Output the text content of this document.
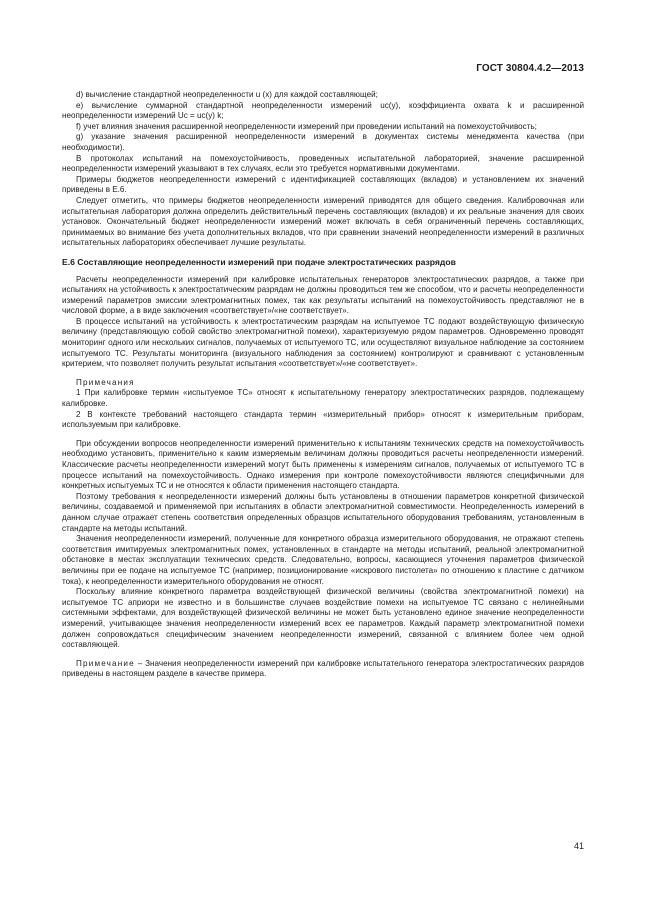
ГОСТ 30804.4.2—2013

d) вычисление стандартной неопределенности u (x) для каждой составляющей;

e) вычисление суммарной стандартной неопределенности измерений uc(y), коэффициента охвата k и расширенной неопределенности измерений Uc = uc(y) k;

f) учет влияния значения расширенной неопределенности измерений при проведении испытаний на помехоустойчивость;

g) указание значения расширенной неопределенности измерений в документах системы менеджмента качества (при необходимости).

В протоколах испытаний на помехоустойчивость, проведенных испытательной лабораторией, значение расширенной неопределенности измерений указывают в тех случаях, если это требуется нормативными документами.

Примеры бюджетов неопределенности измерений с идентификацией составляющих (вкладов) и установлением их значений приведены в Е.6.

Следует отметить, что примеры бюджетов неопределенности измерений приводятся для общего сведения. Калибровочная или испытательная лаборатория должна определить действительный перечень составляющих (вкладов) и их реальные значения для своих установок. Окончательный бюджет неопределенности измерений может включать в себя ограниченный перечень составляющих, принимаемых во внимание без учета дополнительных вкладов, что при сравнении значений неопределенности измерений в различных испытательных лабораториях обеспечивает лучшие результаты.

Е.6 Составляющие неопределенности измерений при подаче электростатических разрядов

Расчеты неопределенности измерений при калибровке испытательных генераторов электростатических разрядов, а также при испытаниях на устойчивость к электростатическим разрядам не должны проводиться тем же способом, что и расчеты неопределенности измерений параметров эмиссии электромагнитных помех, так как результаты испытаний на помехоустойчивость представляют не в числовой форме, а в виде заключения «соответствует»/«не соответствует».

В процессе испытаний на устойчивость к электростатическим разрядам на испытуемое ТС подают воздействующую физическую величину (представляющую собой свойство электромагнитной помехи), характеризуемую рядом параметров. Одновременно проводят мониторинг одного или нескольких сигналов, получаемых от испытуемого ТС, или осуществляют визуальное наблюдение за состоянием испытуемого ТС. Результаты мониторинга (визуального наблюдения за состоянием) контролируют и сравнивают с установленным критерием, что позволяет получить результат испытания «соответствует»/«не соответствует».

Примечания

1 При калибровке термин «испытуемое ТС» относят к испытательному генератору электростатических разрядов, подлежащему калибровке.

2 В контексте требований настоящего стандарта термин «измерительный прибор» относят к измерительным приборам, используемым при калибровке.

При обсуждении вопросов неопределенности измерений применительно к испытаниям технических средств на помехоустойчивость необходимо установить, применительно к каким измеряемым величинам должны проводиться расчеты неопределенности измерений. Классические расчеты неопределенности измерений могут быть применены к измерениям сигналов, получаемых от испытуемого ТС в процессе испытаний на помехоустойчивость. Однако измерения при контроле помехоустойчивости являются специфичными для конкретных испытуемых ТС и не относятся к области применения настоящего стандарта.

Поэтому требования к неопределенности измерений должны быть установлены в отношении параметров конкретной физической величины, создаваемой и применяемой при испытаниях в области электромагнитной совместимости. Неопределенность измерений в данном случае отражает степень соответствия определенных образцов испытательного оборудования требованиям, установленным в стандарте на методы испытаний.

Значения неопределенности измерений, полученные для конкретного образца измерительного оборудования, не отражают степень соответствия имитируемых электромагнитных помех, установленных в стандарте на методы испытаний, реальной электромагнитной обстановке в местах эксплуатации технических средств. Следовательно, вопросы, касающиеся уточнения параметров физической величины при ее подаче на испытуемое ТС (например, позиционирование «искрового пистолета» по отношению к пластине с датчиком тока), к неопределенности измерительного оборудования не относят.

Поскольку влияние конкретного параметра воздействующей физической величины (свойства электромагнитной помехи) на испытуемое ТС априори не известно и в большинстве случаев воздействие помехи на испытуемое ТС связано с нелинейными системными эффектами, для воздействующей физической величины не может быть установлено единое значение неопределенности измерений, учитывающее значения неопределенности измерений всех ее параметров. Каждый параметр электромагнитной помехи должен сопровождаться специфическим значением неопределенности измерений, связанной с влиянием более чем одной составляющей.

Примечание – Значения неопределенности измерений при калибровке испытательного генератора электростатических разрядов приведены в настоящем разделе в качестве примера.

41
